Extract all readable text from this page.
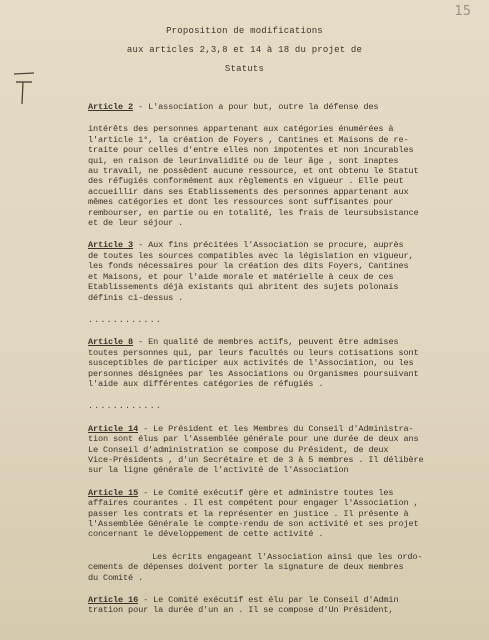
15
Proposition de modifications
aux articles 2,3,8 et 14 à 18 du projet de
Statuts
Article 2 - L'association a pour but, outre la défense des
intérêts des personnes appartenant aux catégories énumérées à
l'article 1°, la création de Foyers , Cantines et Maisons de re-
traite pour celles d'entre elles non impotentes et non incurables
qui, en raison de leurinvalidité ou de leur âge , sont inaptes
au travail, ne possèdent aucune ressource, et ont obtenu le Statut
des réfugiés conformément aux règlements en vigueur . Elle peut
accueillir dans ses Etablissements des personnes appartenant aux
mêmes catégories et dont les ressources sont suffisantes pour
rembourser, en partie ou en totalité, les frais de leursubsistance
et de leur séjour .
Article 3 - Aux fins précitées l'Association se procure, auprès
de toutes les sources compatibles avec la législation en vigueur,
les fonds nécessaires pour la création des dits Foyers, Cantines
et Maisons, et pour l'aide morale et matérielle à ceux de ces
Etablissements déjà existants qui abritent des sujets polonais
définis ci-dessus .
............
Article 8 - En qualité de membres actifs, peuvent être admises
toutes personnes qui, par leurs facultés ou leurs cotisations sont
susceptibles de participer aux activités de l'Association, ou les
personnes désignées par les Associations ou Organismes poursuivant
l'aide aux différentes catégories de réfugiés .
............
Article 14 - Le Président et les Membres du Conseil d'Administra-
tion sont élus par l'Assemblée générale pour une durée de deux ans
Le Conseil d'administration se compose du Président, de deux
Vice-Présidents , d'un Secrétaire et de 3 à 5 membres . Il délibère
sur la ligne générale de l'activité de l'Association
Article 15 - Le Comité exécutif gère et administre toutes les
affaires courantes . Il est compétent pour engager l'Association ,
passer les contrats et la représenter en justice . Il présente à
l'Assemblée Générale le compte-rendu de son activité et ses projet
concernant le développement de cette activité .
Les écrits engageant l'Association ainsi que les ordo-
cements de dépenses doivent porter la signature de deux membres
du Comité .
Article 16 - Le Comité exécutif est élu par le Conseil d'Admin
tration pour la durée d'un an . Il se compose d'Un Président,
